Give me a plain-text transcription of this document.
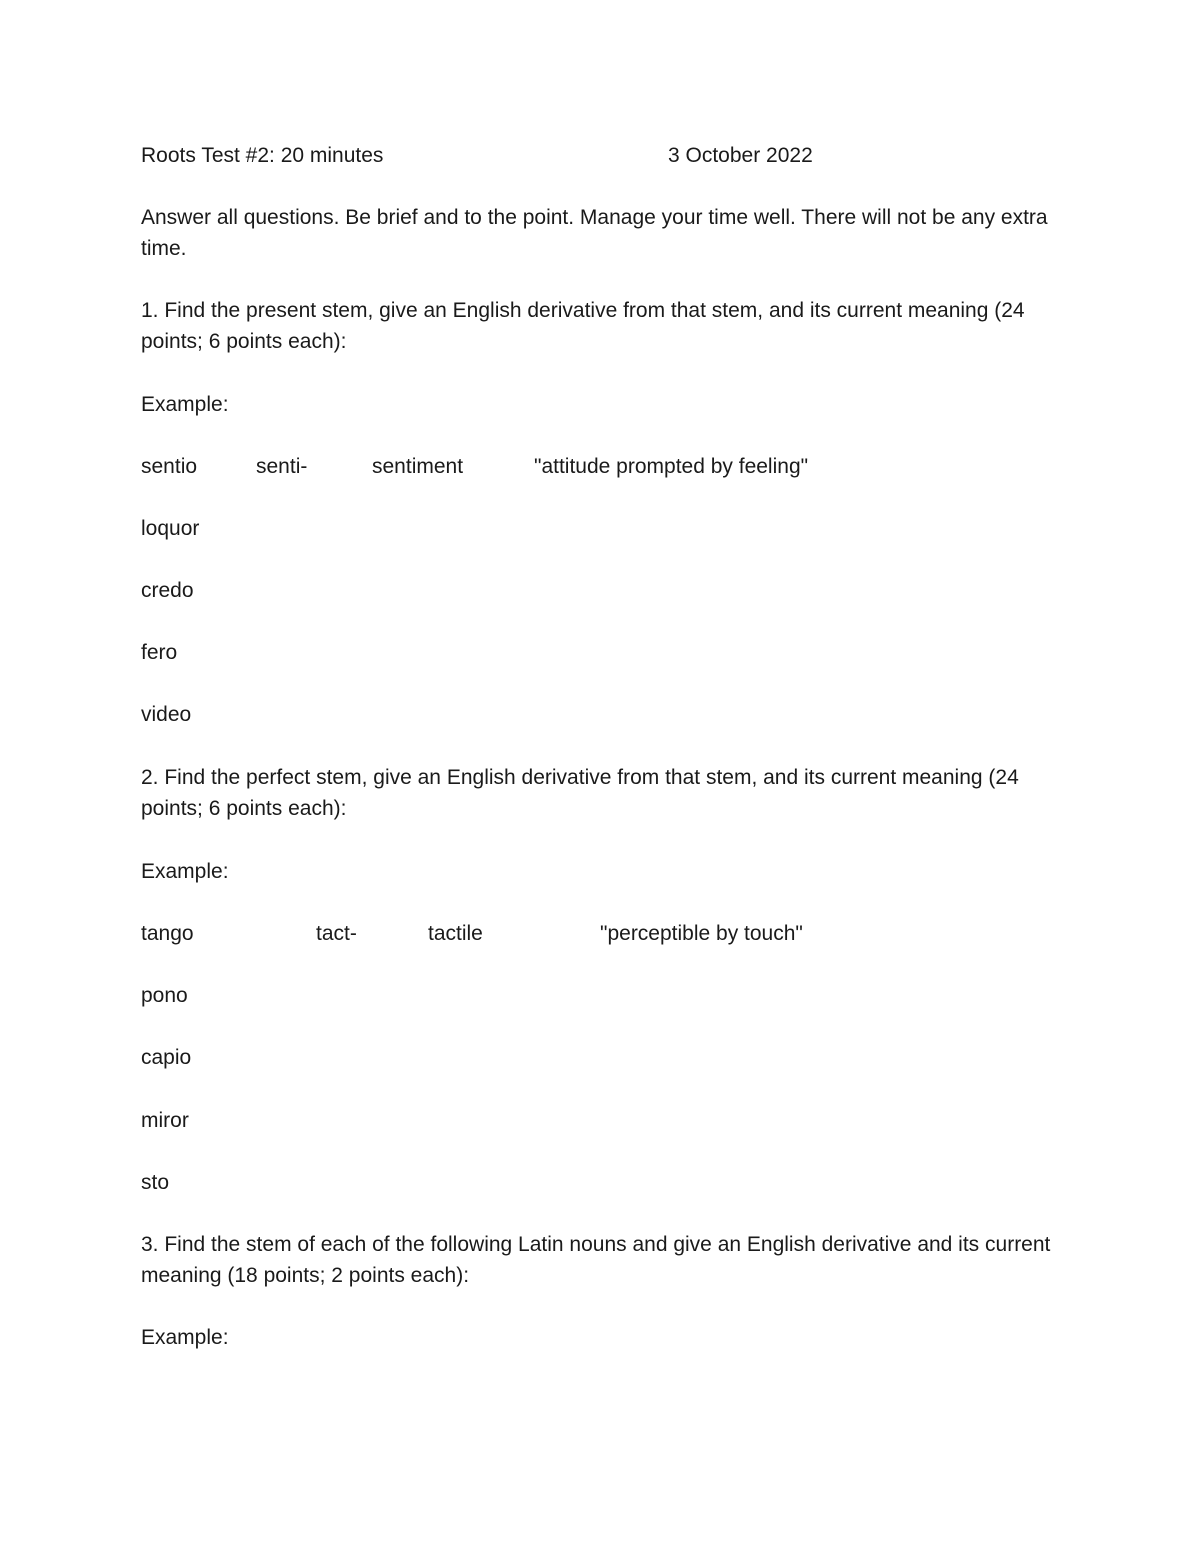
Roots Test #2: 20 minutes	3 October 2022
Answer all questions. Be brief and to the point. Manage your time well. There will not be any extra time.
1. Find the present stem, give an English derivative from that stem, and its current meaning (24 points; 6 points each):
Example:
sentio	senti-	sentiment	"attitude prompted by feeling"
loquor
credo
fero
video
2. Find the perfect stem, give an English derivative from that stem, and its current meaning (24 points; 6 points each):
Example:
tango	tact-	tactile	"perceptible by touch"
pono
capio
miror
sto
3. Find the stem of each of the following Latin nouns and give an English derivative and its current meaning (18 points; 2 points each):
Example:
